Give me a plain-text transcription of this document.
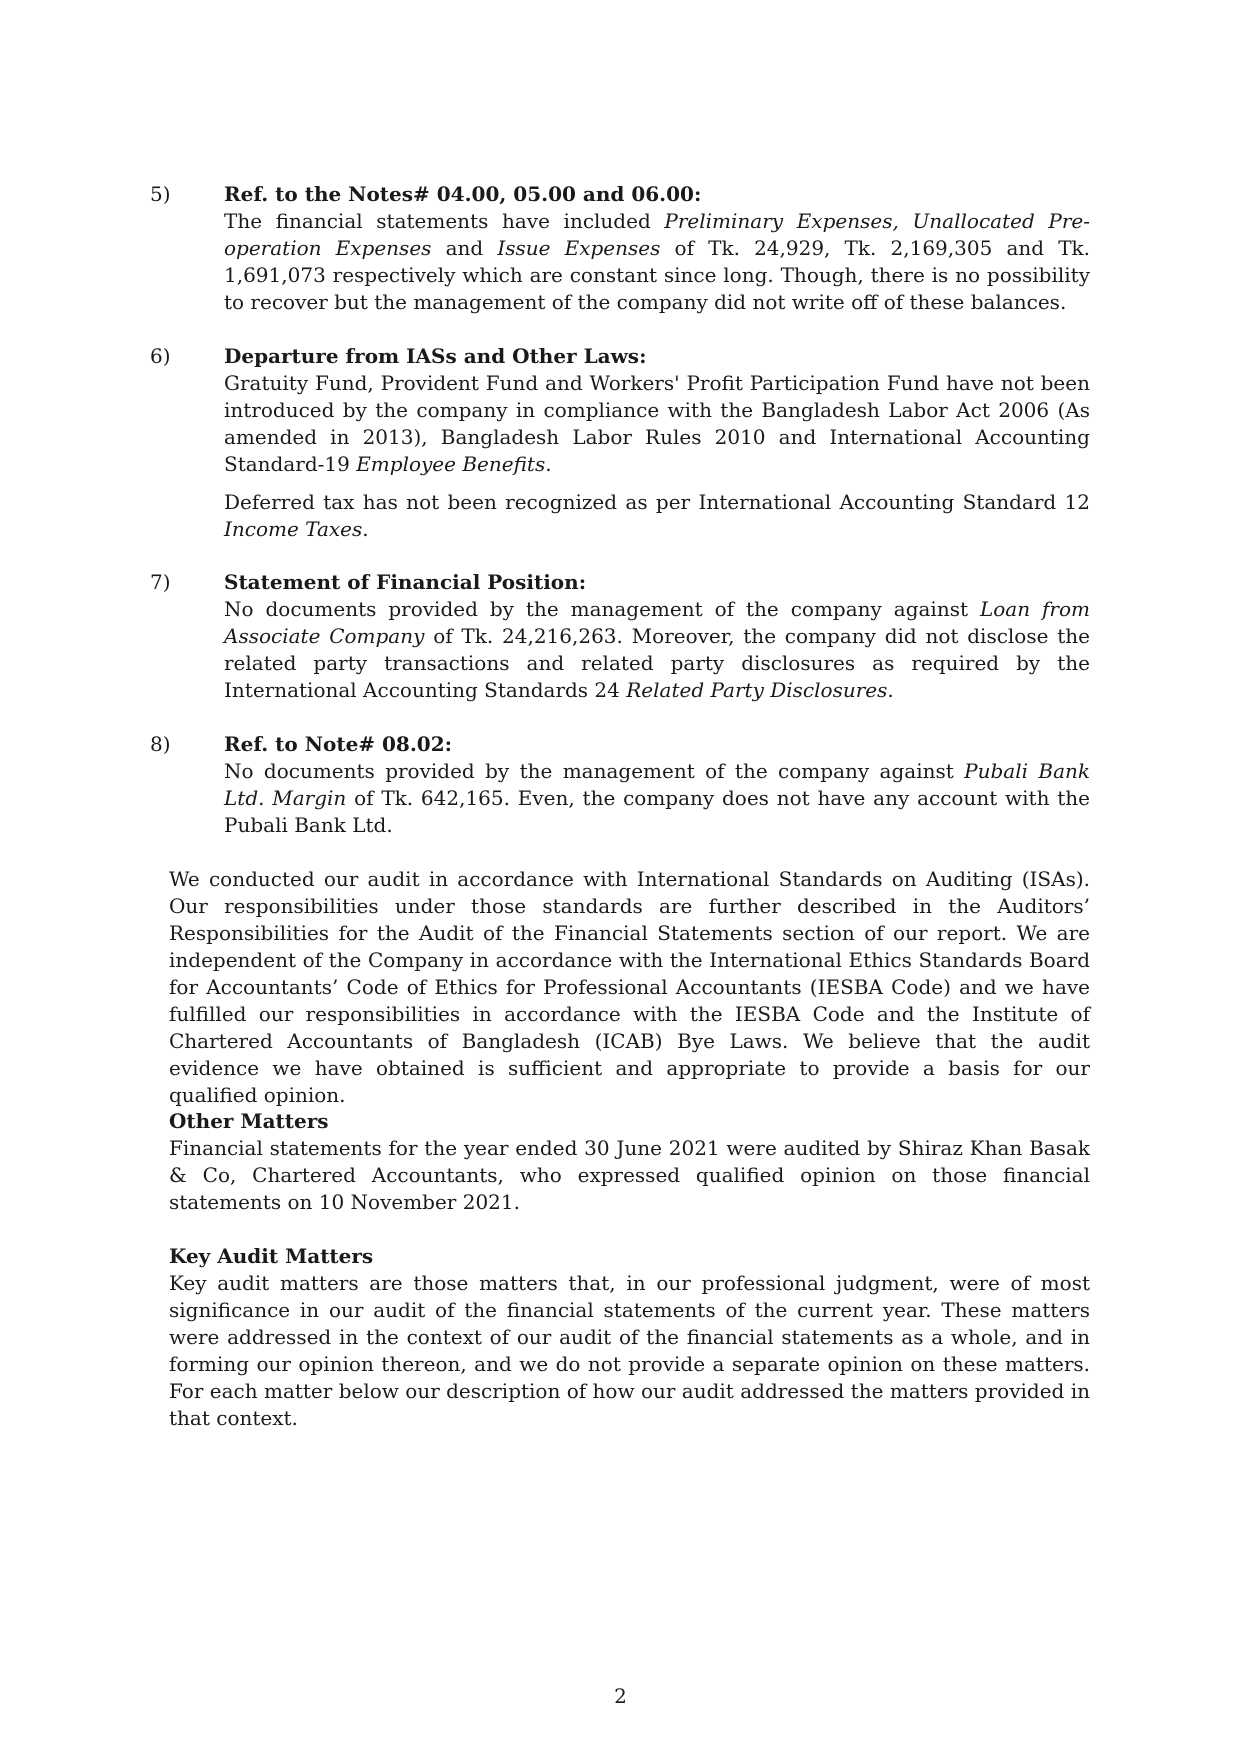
5)	Ref. to the Notes# 04.00, 05.00 and 06.00:

The financial statements have included Preliminary Expenses, Unallocated Pre-operation Expenses and Issue Expenses of Tk. 24,929, Tk. 2,169,305 and Tk. 1,691,073 respectively which are constant since long. Though, there is no possibility to recover but the management of the company did not write off of these balances.

6)	Departure from IASs and Other Laws:

Gratuity Fund, Provident Fund and Workers' Profit Participation Fund have not been introduced by the company in compliance with the Bangladesh Labor Act 2006 (As amended in 2013), Bangladesh Labor Rules 2010 and International Accounting Standard-19 Employee Benefits.

Deferred tax has not been recognized as per International Accounting Standard 12 Income Taxes.

7)	Statement of Financial Position:

No documents provided by the management of the company against Loan from Associate Company of Tk. 24,216,263. Moreover, the company did not disclose the related party transactions and related party disclosures as required by the International Accounting Standards 24 Related Party Disclosures.

8)	Ref. to Note# 08.02:

No documents provided by the management of the company against Pubali Bank Ltd. Margin of Tk. 642,165. Even, the company does not have any account with the Pubali Bank Ltd.

We conducted our audit in accordance with International Standards on Auditing (ISAs). Our responsibilities under those standards are further described in the Auditors’ Responsibilities for the Audit of the Financial Statements section of our report. We are independent of the Company in accordance with the International Ethics Standards Board for Accountants’ Code of Ethics for Professional Accountants (IESBA Code) and we have fulfilled our responsibilities in accordance with the IESBA Code and the Institute of Chartered Accountants of Bangladesh (ICAB) Bye Laws. We believe that the audit evidence we have obtained is sufficient and appropriate to provide a basis for our qualified opinion.

Other Matters

Financial statements for the year ended 30 June 2021 were audited by Shiraz Khan Basak & Co, Chartered Accountants, who expressed qualified opinion on those financial statements on 10 November 2021.

Key Audit Matters

Key audit matters are those matters that, in our professional judgment, were of most significance in our audit of the financial statements of the current year. These matters were addressed in the context of our audit of the financial statements as a whole, and in forming our opinion thereon, and we do not provide a separate opinion on these matters. For each matter below our description of how our audit addressed the matters provided in that context.

2
